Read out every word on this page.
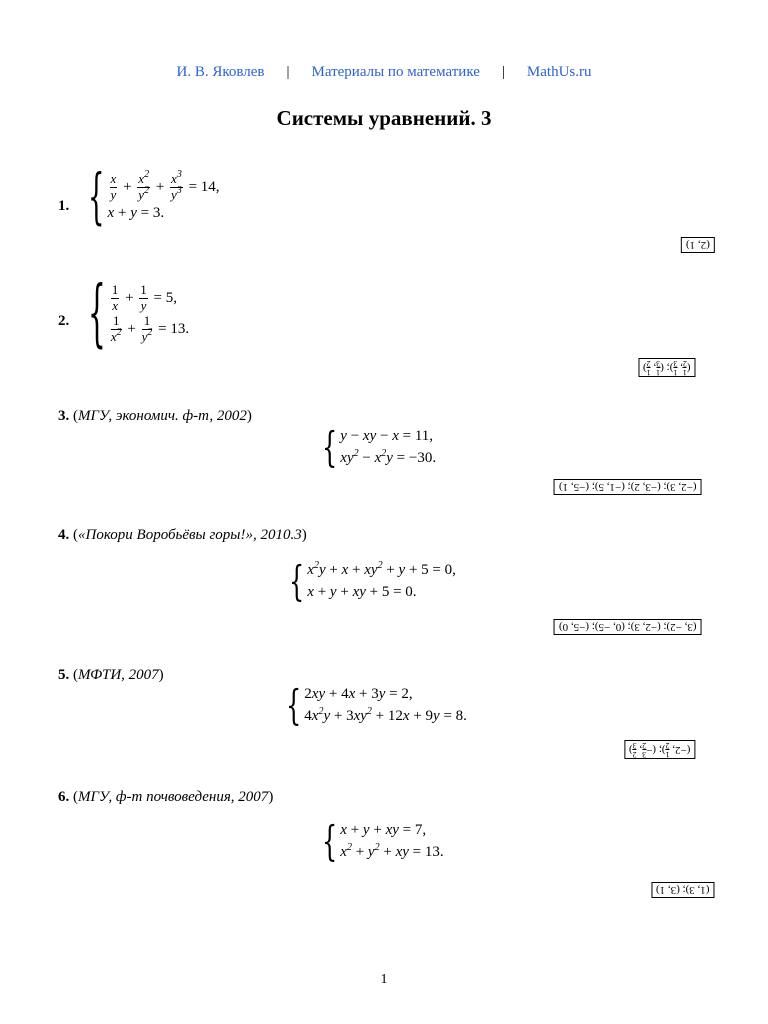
И. В. Яковлев | Материалы по математике | MathUs.ru
Системы уравнений. 3
1. { $\frac{x}{y} + \frac{x^2}{y^2} + \frac{x^3}{y^3} = 14$,
x + y = 3.
(2, 1)
2. { $\frac{1}{x} + \frac{1}{y} = 5$,
$\frac{1}{x^2} + \frac{1}{y^2} = 13$.
(
1
2
,
1
3
); (
1
3
,
1
2
)
3. (МГУ, экономич. ф-т, 2002)
{ y − xy − x = 11,
$xy^2 - x^2y = -30$.
(−2, 3); (−3, 2); (−1, 5); (−5, 1)
4. («Покори Воробьёвы горы!», 2010.3)
{ $x^2y + x + xy^2 + y + 5 = 0$,
x + y + xy + 5 = 0.
(3, −2); (−2, 3); (0, −5); (−5, 0)
5. (МФТИ, 2007)
{ 2xy + 4x + 3y = 2,
$4x^2y + 3xy^2 + 12x + 9y = 8$.
(−2,
1
2
); (−
3
2
,
2
3
)
6. (МГУ, ф-т почвоведения, 2007)
{ x + y + xy = 7,
$x^2 + y^2$ + xy = 13.
(1, 3); (3, 1)
1
